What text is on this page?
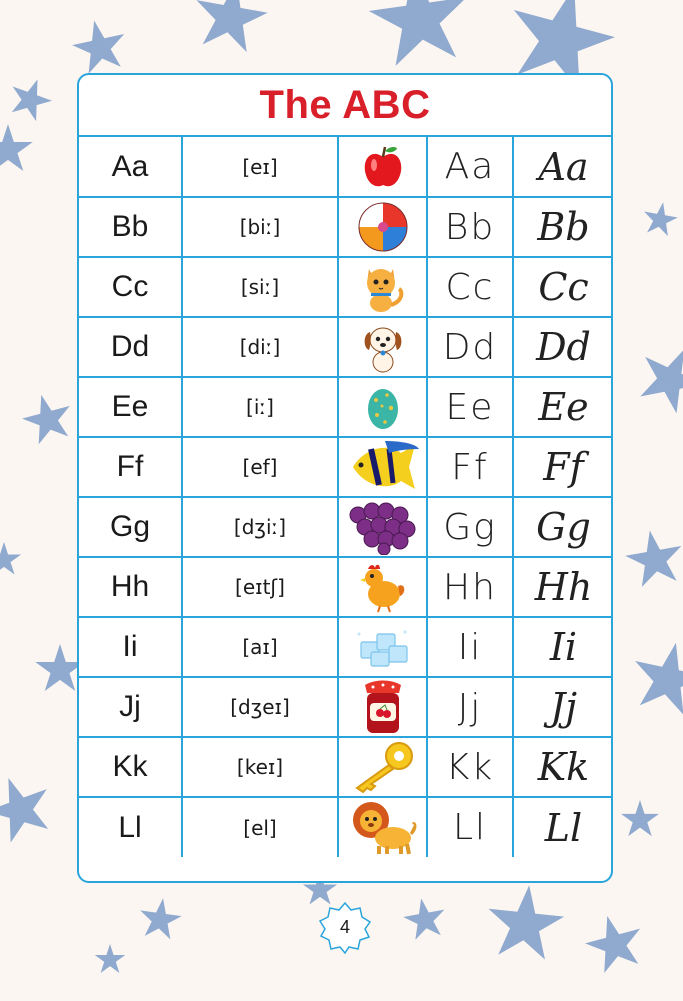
The ABC
Aa	[eɪ]		Aa	Aa
Bb	[biː]		Bb	Bb
Cc	[siː]		Cc	Cc
Dd	[diː]		Dd	Dd
Ee	[iː]		Ee	Ee
Ff	[ef]		Ff	Ff
Gg	[dʒiː]		Gg	Gg
Hh	[eɪtʃ]		Hh	Hh
Ii	[aɪ]		Ii	Ii
Jj	[dʒeɪ]		Jj	Jj
Kk	[keɪ]		Kk	Kk
Ll	[el]		Ll	Ll
4
